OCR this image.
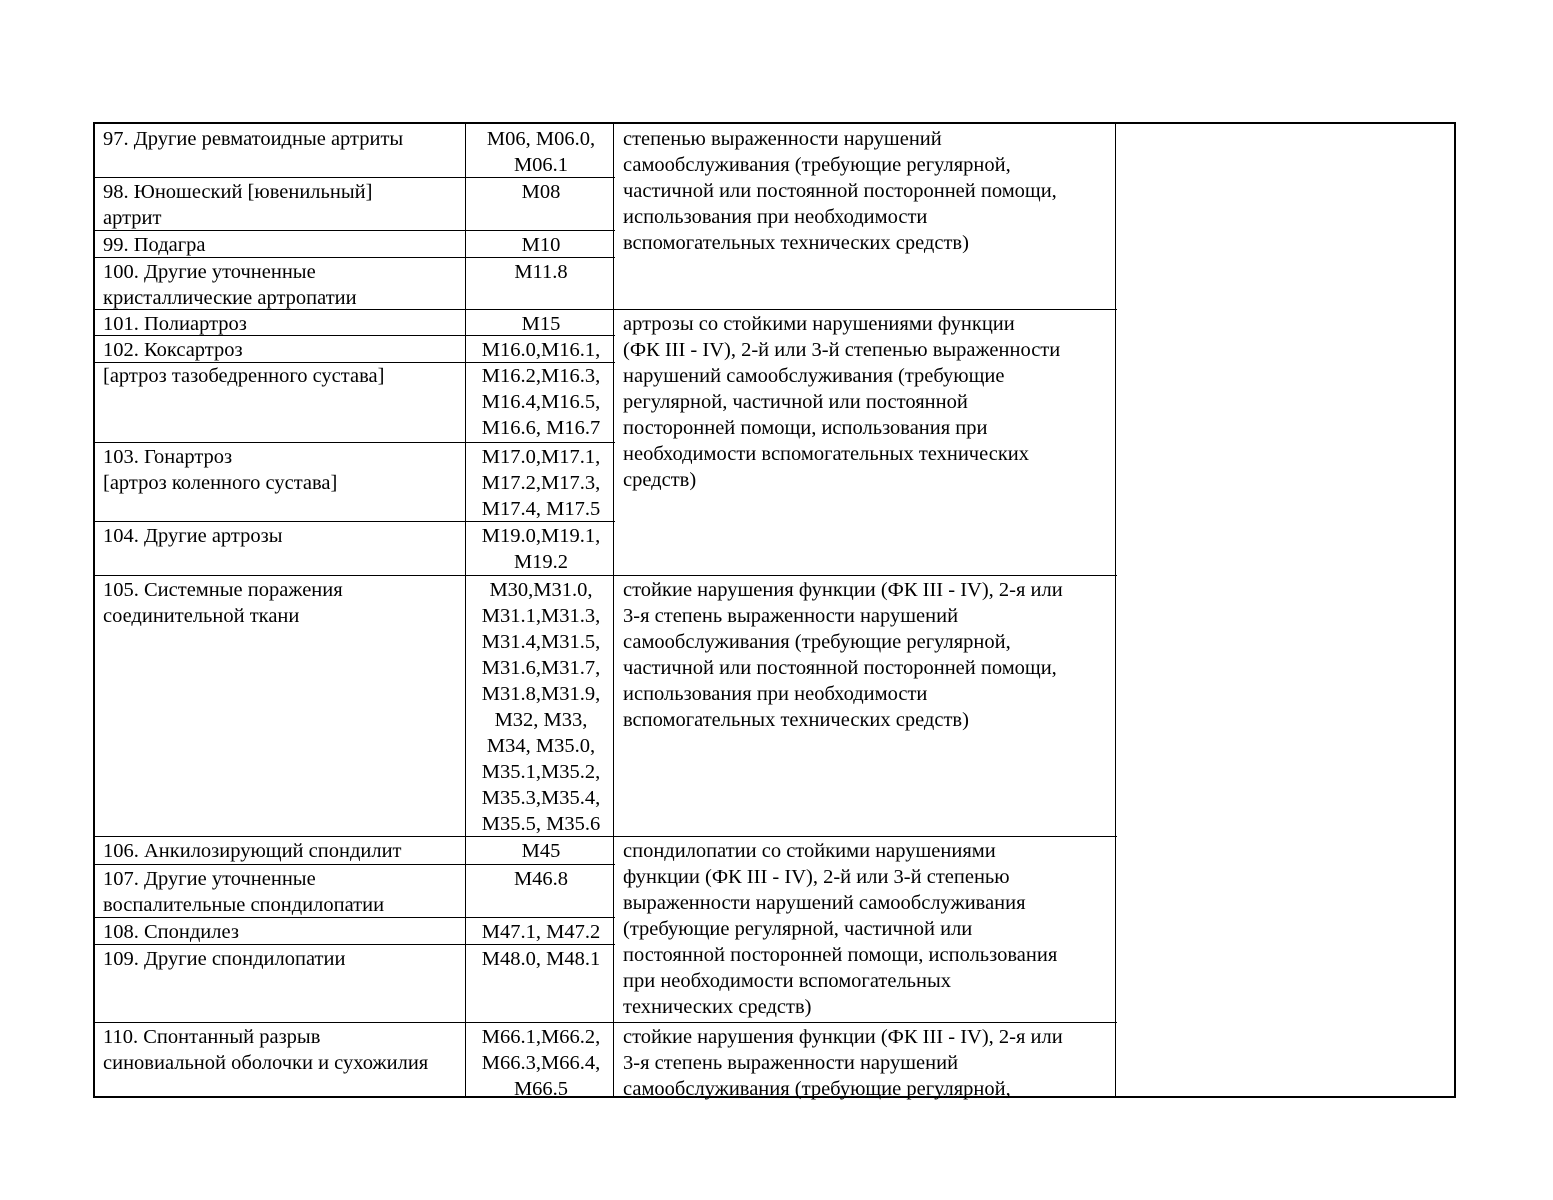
97. Другие ревматоидные артриты
98. Юношеский [ювенильный]
артрит
99. Подагра
100. Другие уточненные
кристаллические артропатии
101. Полиартроз
102. Коксартроз
[артроз тазобедренного сустава]
103. Гонартроз
[артроз коленного сустава]
104. Другие артрозы
105. Системные поражения
соединительной ткани
106. Анкилозирующий спондилит
107. Другие уточненные
воспалительные спондилопатии
108. Спондилез
109. Другие спондилопатии
110. Спонтанный разрыв
синовиальной оболочки и сухожилия
M06, M06.0,
M06.1
M08
M10
M11.8
M15
M16.0,M16.1,
M16.2,M16.3,
M16.4,M16.5,
M16.6, M16.7
M17.0,M17.1,
M17.2,M17.3,
M17.4, M17.5
M19.0,M19.1,
M19.2
M30,M31.0,
M31.1,M31.3,
M31.4,M31.5,
M31.6,M31.7,
M31.8,M31.9,
M32, M33,
M34, M35.0,
M35.1,M35.2,
M35.3,M35.4,
M35.5, M35.6
M45
M46.8
M47.1, M47.2
M48.0, M48.1
M66.1,M66.2,
M66.3,M66.4,
M66.5
степенью выраженности нарушений
самообслуживания (требующие регулярной,
частичной или постоянной посторонней помощи,
использования при необходимости
вспомогательных технических средств)
артрозы со стойкими нарушениями функции
(ФК III - IV), 2-й или 3-й степенью выраженности
нарушений самообслуживания (требующие
регулярной, частичной или постоянной
посторонней помощи, использования при
необходимости вспомогательных технических
средств)
стойкие нарушения функции (ФК III - IV), 2-я или
3-я степень выраженности нарушений
самообслуживания (требующие регулярной,
частичной или постоянной посторонней помощи,
использования при необходимости
вспомогательных технических средств)
спондилопатии со стойкими нарушениями
функции (ФК III - IV), 2-й или 3-й степенью
выраженности нарушений самообслуживания
(требующие регулярной, частичной или
постоянной посторонней помощи, использования
при необходимости вспомогательных
технических средств)
стойкие нарушения функции (ФК III - IV), 2-я или
3-я степень выраженности нарушений
самообслуживания (требующие регулярной,
